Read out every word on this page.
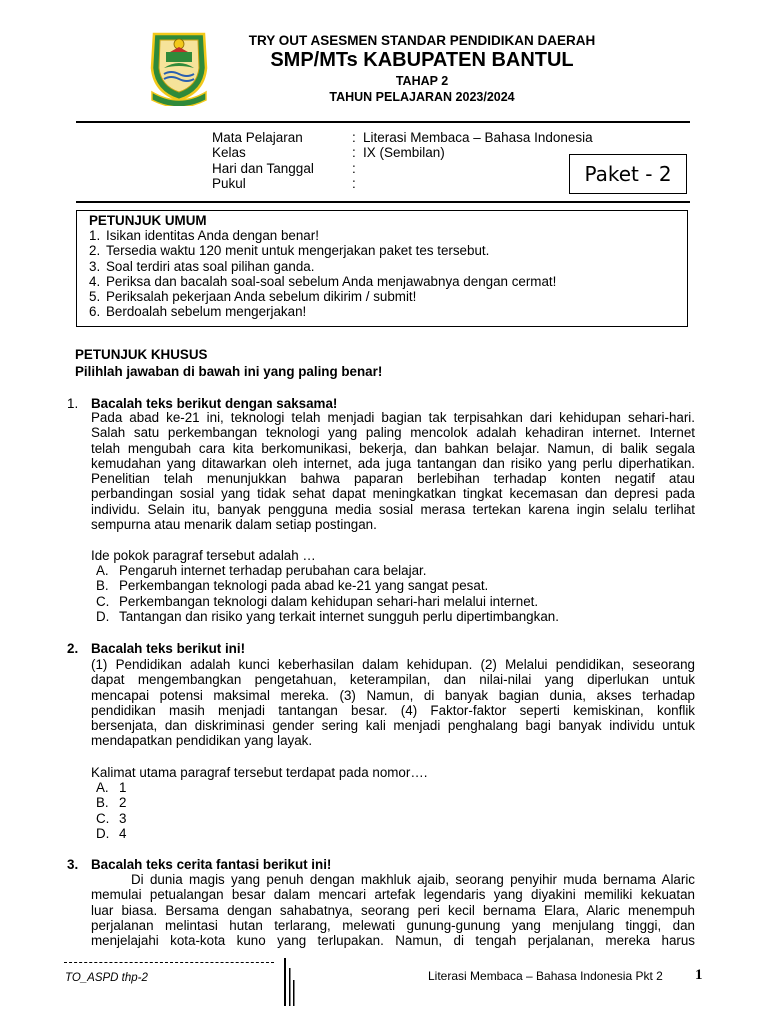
TRY OUT ASESMEN STANDAR PENDIDIKAN DAERAH
SMP/MTs KABUPATEN BANTUL
TAHAP 2
TAHUN PELAJARAN 2023/2024
Mata Pelajaran	: Literasi Membaca – Bahasa Indonesia
Kelas	: IX (Sembilan)
Hari dan Tanggal	:
Pukul	:	Paket - 2
PETUNJUK UMUM
1. Isikan identitas Anda dengan benar!
2. Tersedia waktu 120 menit untuk mengerjakan paket tes tersebut.
3. Soal terdiri atas soal pilihan ganda.
4. Periksa dan bacalah soal-soal sebelum Anda menjawabnya dengan cermat!
5. Periksalah pekerjaan Anda sebelum dikirim / submit!
6. Berdoalah sebelum mengerjakan!
PETUNJUK KHUSUS
Pilihlah jawaban di bawah ini yang paling benar!
1. Bacalah teks berikut dengan saksama!
Pada abad ke-21 ini, teknologi telah menjadi bagian tak terpisahkan dari kehidupan sehari-hari.
Salah satu perkembangan teknologi yang paling mencolok adalah kehadiran internet. Internet
telah mengubah cara kita berkomunikasi, bekerja, dan bahkan belajar. Namun, di balik segala
kemudahan yang ditawarkan oleh internet, ada juga tantangan dan risiko yang perlu diperhatikan.
Penelitian telah menunjukkan bahwa paparan berlebihan terhadap konten negatif atau
perbandingan sosial yang tidak sehat dapat meningkatkan tingkat kecemasan dan depresi pada
individu. Selain itu, banyak pengguna media sosial merasa tertekan karena ingin selalu terlihat
sempurna atau menarik dalam setiap postingan.
Ide pokok paragraf tersebut adalah …
A. Pengaruh internet terhadap perubahan cara belajar.
B. Perkembangan teknologi pada abad ke-21 yang sangat pesat.
C. Perkembangan teknologi dalam kehidupan sehari-hari melalui internet.
D. Tantangan dan risiko yang terkait internet sungguh perlu dipertimbangkan.
2. Bacalah teks berikut ini!
(1) Pendidikan adalah kunci keberhasilan dalam kehidupan. (2) Melalui pendidikan, seseorang
dapat mengembangkan pengetahuan, keterampilan, dan nilai-nilai yang diperlukan untuk
mencapai potensi maksimal mereka. (3) Namun, di banyak bagian dunia, akses terhadap
pendidikan masih menjadi tantangan besar. (4) Faktor-faktor seperti kemiskinan, konflik
bersenjata, dan diskriminasi gender sering kali menjadi penghalang bagi banyak individu untuk
mendapatkan pendidikan yang layak.
Kalimat utama paragraf tersebut terdapat pada nomor….
A. 1
B. 2
C. 3
D. 4
3. Bacalah teks cerita fantasi berikut ini!
Di dunia magis yang penuh dengan makhluk ajaib, seorang penyihir muda bernama Alaric
memulai petualangan besar dalam mencari artefak legendaris yang diyakini memiliki kekuatan
luar biasa. Bersama dengan sahabatnya, seorang peri kecil bernama Elara, Alaric menempuh
perjalanan melintasi hutan terlarang, melewati gunung-gunung yang menjulang tinggi, dan
menjelajahi kota-kota kuno yang terlupakan. Namun, di tengah perjalanan, mereka harus
TO_ASPD thp-2	Literasi Membaca – Bahasa Indonesia Pkt 2 1
